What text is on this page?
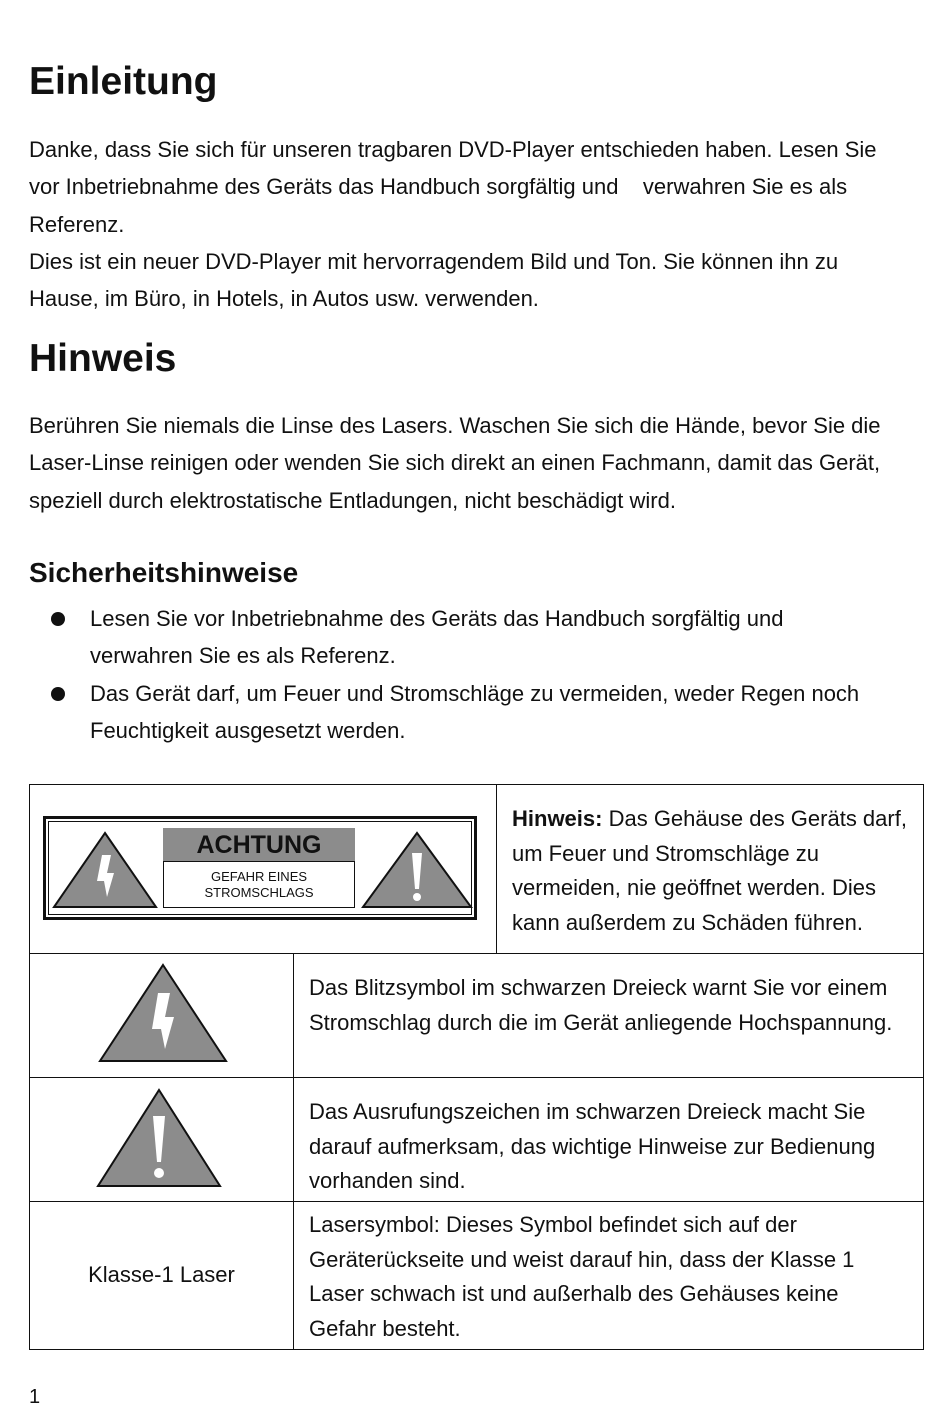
Einleitung

Danke, dass Sie sich für unseren tragbaren DVD-Player entschieden haben. Lesen Sie
vor Inbetriebnahme des Geräts das Handbuch sorgfältig und    verwahren Sie es als
Referenz.

Dies ist ein neuer DVD-Player mit hervorragendem Bild und Ton. Sie können ihn zu
Hause, im Büro, in Hotels, in Autos usw. verwenden.

Hinweis

Berühren Sie niemals die Linse des Lasers. Waschen Sie sich die Hände, bevor Sie die
Laser-Linse reinigen oder wenden Sie sich direkt an einen Fachmann, damit das Gerät,
speziell durch elektrostatische Entladungen, nicht beschädigt wird.

Sicherheitshinweise
Lesen Sie vor Inbetriebnahme des Geräts das Handbuch sorgfältig und
verwahren Sie es als Referenz.
Das Gerät darf, um Feuer und Stromschläge zu vermeiden, weder Regen noch
Feuchtigkeit ausgesetzt werden.
ACHTUNG
GEFAHR EINES
STROMSCHLAGS		Hinweis: Das Gehäuse des Geräts darf, um Feuer und Stromschläge zu vermeiden, nie geöffnet werden. Dies kann außerdem zu Schäden führen.

Das Blitzsymbol im schwarzen Dreieck warnt Sie vor einem Stromschlag durch die im Gerät anliegende Hochspannung.	

Das Ausrufungszeichen im schwarzen Dreieck macht Sie darauf aufmerksam, das wichtige Hinweise zur Bedienung vorhanden sind.	

Klasse-1 Laser	Lasersymbol: Dieses Symbol befindet sich auf der Geräterückseite und weist darauf hin, dass der Klasse 1 Laser schwach ist und außerhalb des Gehäuses keine Gefahr besteht.	
1
